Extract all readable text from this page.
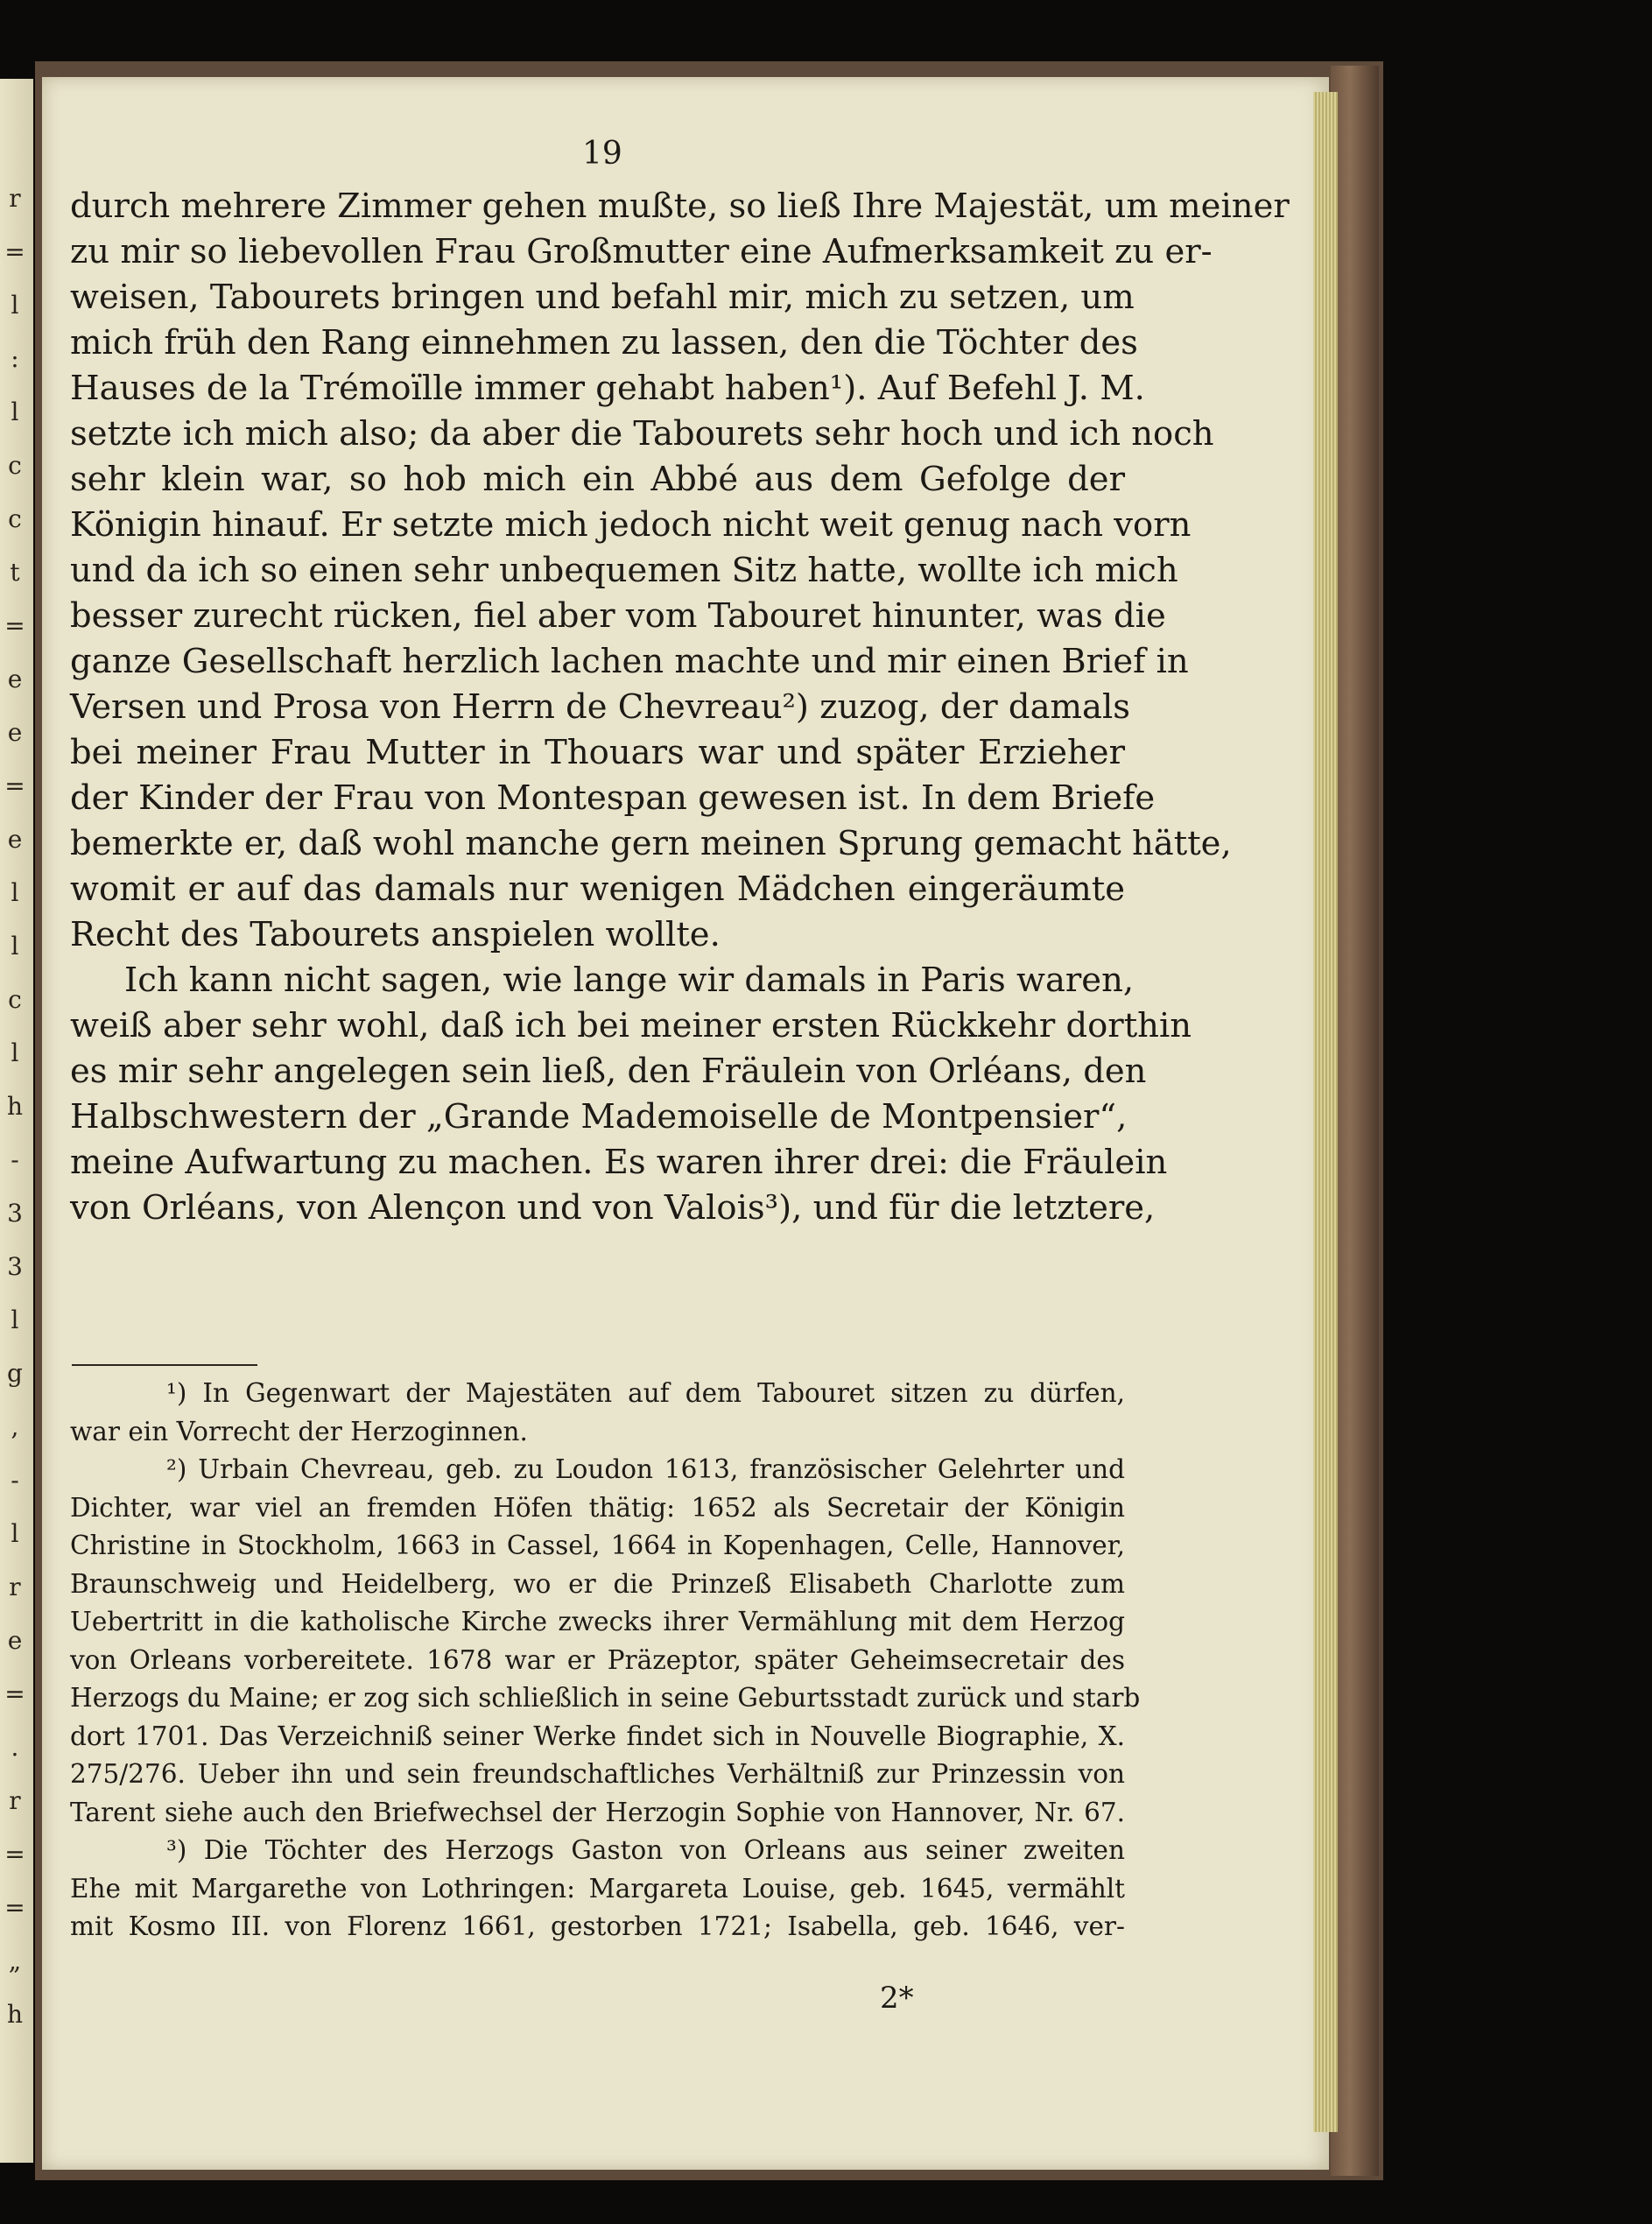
r
=
l
:
l
c
c
t
=
e
e
=
e
l
l
c
l
h
-
3
3
l
g
,
-
l
r
e
=
.
r
=
=
„
h
19
durch mehrere Zimmer gehen mußte, so ließ Ihre Majestät, um meiner
zu mir so liebevollen Frau Großmutter eine Aufmerksamkeit zu er-
weisen, Tabourets bringen und befahl mir, mich zu setzen, um
mich früh den Rang einnehmen zu lassen, den die Töchter des
Hauses de la Trémoïlle immer gehabt haben¹). Auf Befehl J. M.
setzte ich mich also; da aber die Tabourets sehr hoch und ich noch
sehr klein war, so hob mich ein Abbé aus dem Gefolge der
Königin hinauf. Er setzte mich jedoch nicht weit genug nach vorn
und da ich so einen sehr unbequemen Sitz hatte, wollte ich mich
besser zurecht rücken, fiel aber vom Tabouret hinunter, was die
ganze Gesellschaft herzlich lachen machte und mir einen Brief in
Versen und Prosa von Herrn de Chevreau²) zuzog, der damals
bei meiner Frau Mutter in Thouars war und später Erzieher
der Kinder der Frau von Montespan gewesen ist. In dem Briefe
bemerkte er, daß wohl manche gern meinen Sprung gemacht hätte,
womit er auf das damals nur wenigen Mädchen eingeräumte
Recht des Tabourets anspielen wollte.
Ich kann nicht sagen, wie lange wir damals in Paris waren,
weiß aber sehr wohl, daß ich bei meiner ersten Rückkehr dorthin
es mir sehr angelegen sein ließ, den Fräulein von Orléans, den
Halbschwestern der „Grande Mademoiselle de Montpensier“,
meine Aufwartung zu machen. Es waren ihrer drei: die Fräulein
von Orléans, von Alençon und von Valois³), und für die letztere,
¹) In Gegenwart der Majestäten auf dem Tabouret sitzen zu dürfen,
war ein Vorrecht der Herzoginnen.
²) Urbain Chevreau, geb. zu Loudon 1613, französischer Gelehrter und
Dichter, war viel an fremden Höfen thätig: 1652 als Secretair der Königin
Christine in Stockholm, 1663 in Cassel, 1664 in Kopenhagen, Celle, Hannover,
Braunschweig und Heidelberg, wo er die Prinzeß Elisabeth Charlotte zum
Uebertritt in die katholische Kirche zwecks ihrer Vermählung mit dem Herzog
von Orleans vorbereitete. 1678 war er Präzeptor, später Geheimsecretair des
Herzogs du Maine; er zog sich schließlich in seine Geburtsstadt zurück und starb
dort 1701. Das Verzeichniß seiner Werke findet sich in Nouvelle Biographie, X.
275/276. Ueber ihn und sein freundschaftliches Verhältniß zur Prinzessin von
Tarent siehe auch den Briefwechsel der Herzogin Sophie von Hannover, Nr. 67.
³) Die Töchter des Herzogs Gaston von Orleans aus seiner zweiten
Ehe mit Margarethe von Lothringen: Margareta Louise, geb. 1645, vermählt
mit Kosmo III. von Florenz 1661, gestorben 1721; Isabella, geb. 1646, ver-
2*
